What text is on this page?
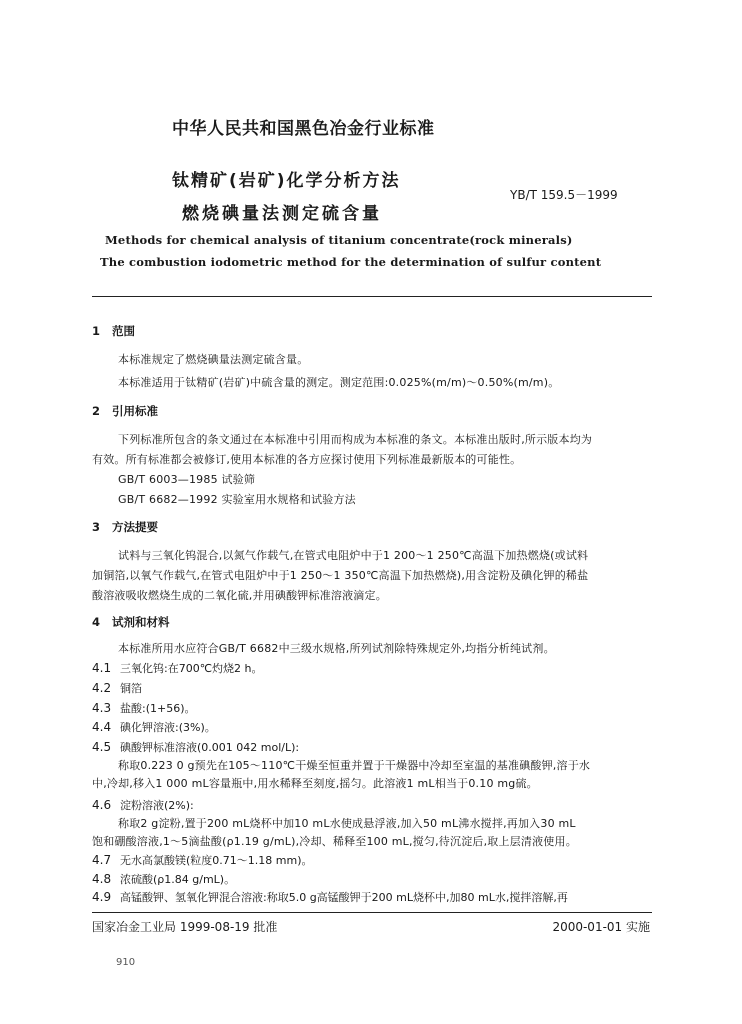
中华人民共和国黑色冶金行业标准
钛精矿(岩矿)化学分析方法
燃烧碘量法测定硫含量
YB/T 159.5－1999
Methods for chemical analysis of titanium concentrate(rock minerals)
The combustion iodometric method for the determination of sulfur content
1 范围
本标准规定了燃烧碘量法测定硫含量。
本标准适用于钛精矿(岩矿)中硫含量的测定。测定范围:0.025%(m/m)～0.50%(m/m)。
2 引用标准
下列标准所包含的条文通过在本标准中引用而构成为本标准的条文。本标准出版时,所示版本均为
有效。所有标准都会被修订,使用本标准的各方应探讨使用下列标准最新版本的可能性。
GB/T 6003—1985 试验筛
GB/T 6682—1992 实验室用水规格和试验方法
3 方法提要
试料与三氧化钨混合,以氮气作载气,在管式电阻炉中于1 200～1 250℃高温下加热燃烧(或试料
加铜箔,以氧气作载气,在管式电阻炉中于1 250～1 350℃高温下加热燃烧),用含淀粉及碘化钾的稀盐
酸溶液吸收燃烧生成的二氧化硫,并用碘酸钾标准溶液滴定。
4 试剂和材料
本标准所用水应符合GB/T 6682中三级水规格,所列试剂除特殊规定外,均指分析纯试剂。
4.1 三氧化钨:在700℃灼烧2 h。
4.2 铜箔
4.3 盐酸:(1+56)。
4.4 碘化钾溶液:(3%)。
4.5 碘酸钾标准溶液(0.001 042 mol/L):
称取0.223 0 g预先在105～110℃干燥至恒重并置于干燥器中冷却至室温的基准碘酸钾,溶于水
中,冷却,移入1 000 mL容量瓶中,用水稀释至刻度,摇匀。此溶液1 mL相当于0.10 mg硫。
4.6 淀粉溶液(2%):
称取2 g淀粉,置于200 mL烧杯中加10 mL水使成悬浮液,加入50 mL沸水搅拌,再加入30 mL
饱和硼酸溶液,1～5滴盐酸(ρ1.19 g/mL),冷却、稀释至100 mL,搅匀,待沉淀后,取上层清液使用。
4.7 无水高氯酸镁(粒度0.71～1.18 mm)。
4.8 浓硫酸(ρ1.84 g/mL)。
4.9 高锰酸钾、氢氧化钾混合溶液:称取5.0 g高锰酸钾于200 mL烧杯中,加80 mL水,搅拌溶解,再
国家冶金工业局 1999-08-19 批准	2000-01-01 实施
910
